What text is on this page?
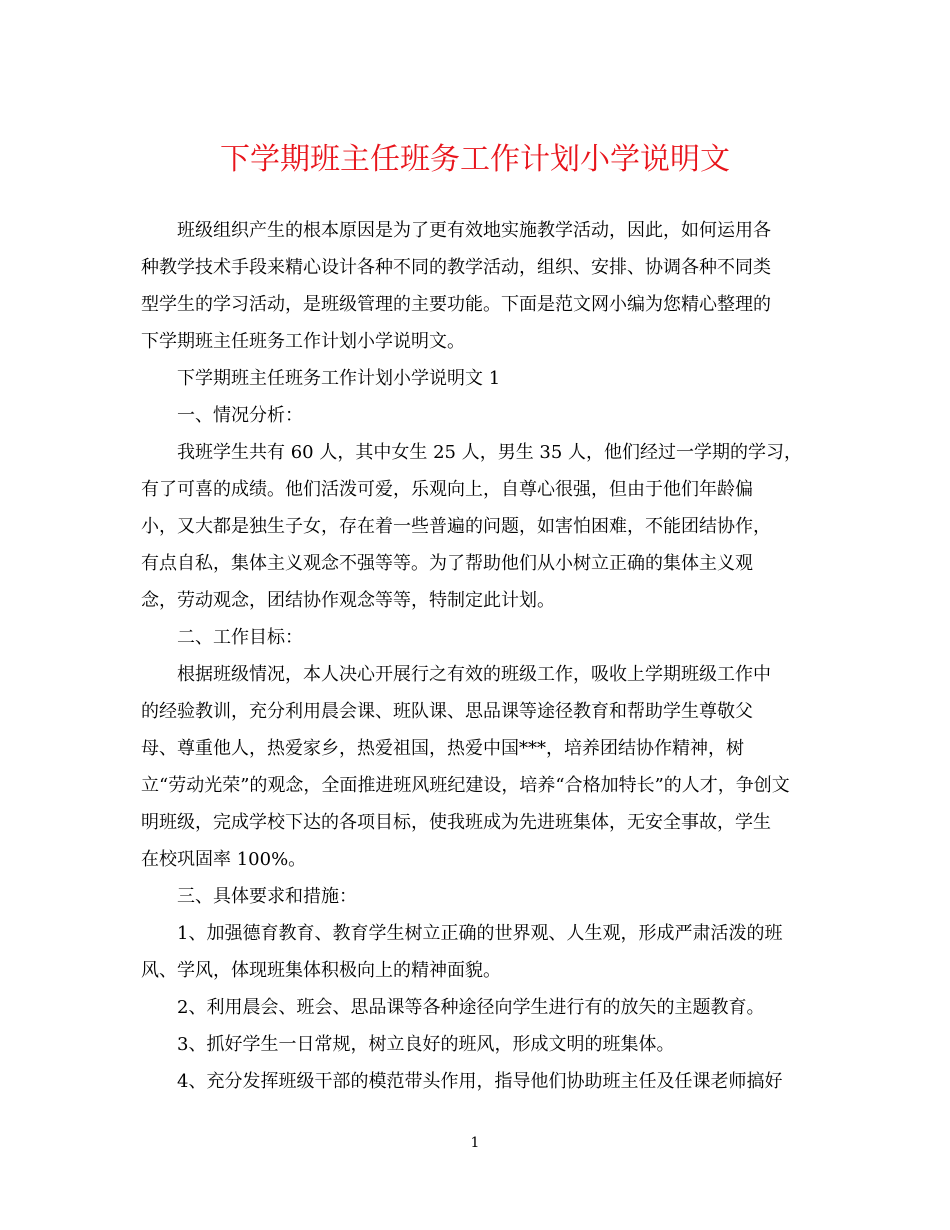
下学期班主任班务工作计划小学说明文

班级组织产生的根本原因是为了更有效地实施教学活动，因此，如何运用各
种教学技术手段来精心设计各种不同的教学活动，组织、安排、协调各种不同类
型学生的学习活动，是班级管理的主要功能。下面是范文网小编为您精心整理的
下学期班主任班务工作计划小学说明文。

下学期班主任班务工作计划小学说明文 1

一、情况分析：

我班学生共有 60 人，其中女生 25 人，男生 35 人，他们经过一学期的学习，
有了可喜的成绩。他们活泼可爱，乐观向上，自尊心很强，但由于他们年龄偏
小，又大都是独生子女，存在着一些普遍的问题，如害怕困难，不能团结协作，
有点自私，集体主义观念不强等等。为了帮助他们从小树立正确的集体主义观
念，劳动观念，团结协作观念等等，特制定此计划。

二、工作目标：

根据班级情况，本人决心开展行之有效的班级工作，吸收上学期班级工作中
的经验教训，充分利用晨会课、班队课、思品课等途径教育和帮助学生尊敬父
母、尊重他人，热爱家乡，热爱祖国，热爱中国***，培养团结协作精神，树
立“劳动光荣”的观念，全面推进班风班纪建设，培养“合格加特长”的人才，争创文
明班级，完成学校下达的各项目标，使我班成为先进班集体，无安全事故，学生
在校巩固率 100%。

三、具体要求和措施：

1、加强德育教育、教育学生树立正确的世界观、人生观，形成严肃活泼的班
风、学风，体现班集体积极向上的精神面貌。

2、利用晨会、班会、思品课等各种途径向学生进行有的放矢的主题教育。

3、抓好学生一日常规，树立良好的班风，形成文明的班集体。

4、充分发挥班级干部的模范带头作用，指导他们协助班主任及任课老师搞好

1
